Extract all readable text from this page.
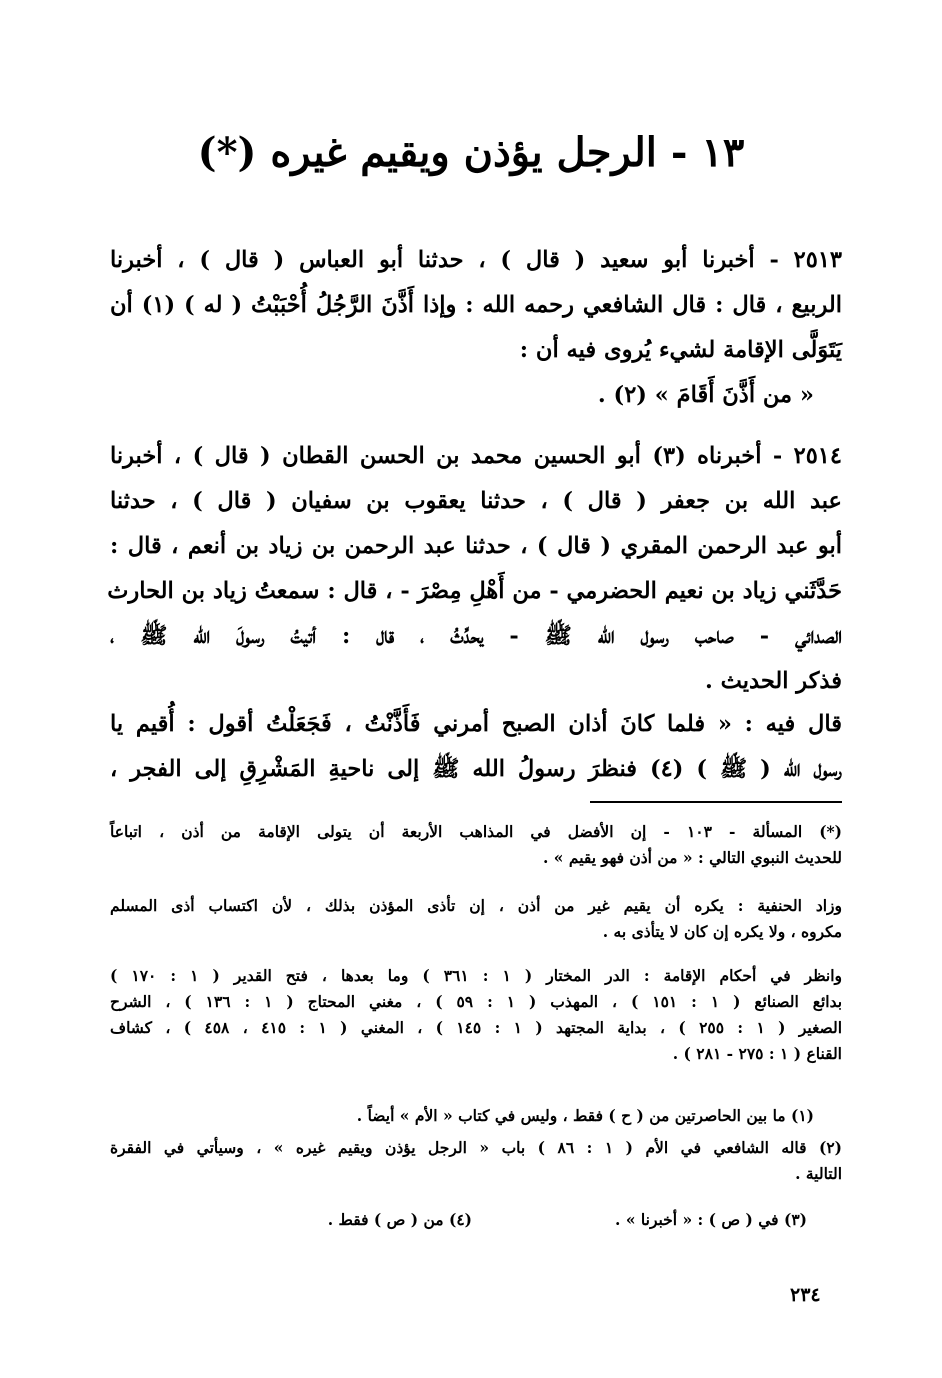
١٣ - الرجل يؤذن ويقيم غيره (*)
٢٥١٣ - أخبرنا أبو سعيد ( قال ) ، حدثنا أبو العباس ( قال ) ، أخبرنا
الربيع ، قال : قال الشافعي رحمه الله : وإذا أَذَّنَ الرَّجُلُ أُحْبَبْتُ ( له ) (١) أن
يَتَوَلَّى الإقامة لشيء يُروى فيه أن :
« من أَذَّنَ أَقَامَ » (٢) .
٢٥١٤ - أخبرناه (٣) أبو الحسين محمد بن الحسن القطان ( قال ) ، أخبرنا
عبد الله بن جعفر ( قال ) ، حدثنا يعقوب بن سفيان ( قال ) ، حدثنا
أبو عبد الرحمن المقري ( قال ) ، حدثنا عبد الرحمن بن زياد بن أنعم ، قال :
حَدَّثَني زياد بن نعيم الحضرمي - من أَهْلِ مِصْرَ - ، قال : سمعتُ زياد بن الحارث
الصدائي - صاحب رسول الله ﷺ - يحدِّثُ ، قال : أتيتُ رسولَ الله ﷺ ،
فذكر الحديث .
قال فيه : « فلما كانَ أذان الصبح أمرني فَأَذَّنْتُ ، فَجَعَلْتُ أقول : أُقيم يا
رسول الله ( ﷺ ) (٤) فنظرَ رسولُ الله ﷺ إلى ناحيةِ المَشْرِقِ إلى الفجر ،
(*) المسألة - ١٠٣ - إن الأفضل في المذاهب الأربعة أن يتولى الإقامة من أذن ، اتباعاً
للحديث النبوي التالي : « من أذن فهو يقيم » .
وزاد الحنفية : يكره أن يقيم غير من أذن ، إن تأذى المؤذن بذلك ، لأن اكتساب أذى المسلم
مكروه ، ولا يكره إن كان لا يتأذى به .
وانظر في أحكام الإقامة : الدر المختار ( ١ : ٣٦١ ) وما بعدها ، فتح القدير ( ١ : ١٧٠ )
بدائع الصنائع ( ١ : ١٥١ ) ، المهذب ( ١ : ٥٩ ) ، مغني المحتاج ( ١ : ١٣٦ ) ، الشرح
الصغير ( ١ : ٢٥٥ ) ، بداية المجتهد ( ١ : ١٤٥ ) ، المغني ( ١ : ٤١٥ ، ٤٥٨ ) ، كشاف
القناع ( ١ : ٢٧٥ - ٢٨١ ) .
(١) ما بين الحاصرتين من ( ح ) فقط ، وليس في كتاب « الأم » أيضاً .
(٢) قاله الشافعي في الأم ( ١ : ٨٦ ) باب « الرجل يؤذن ويقيم غيره » ، وسيأتي في الفقرة
التالية .
(٣) في ( ص ) : « أخبرنا » .
(٤) من ( ص ) فقط .
٢٣٤
